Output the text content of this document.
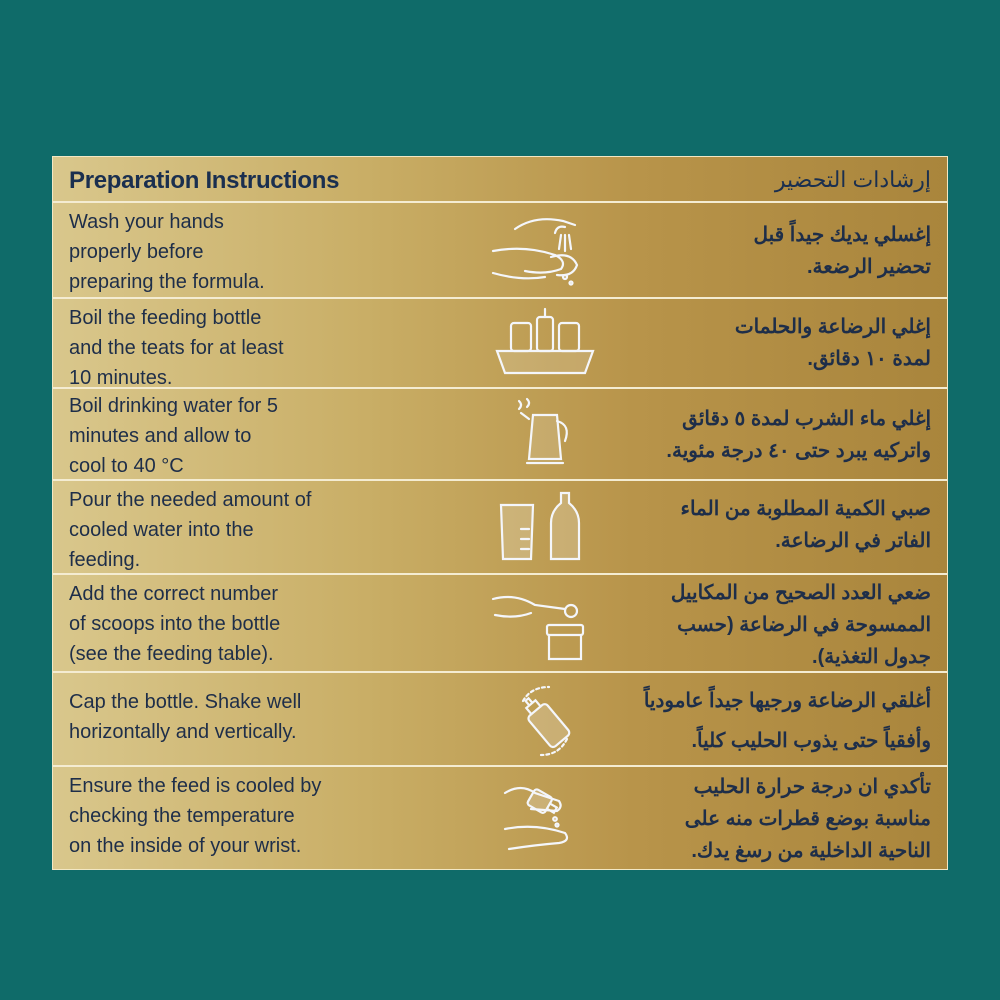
Preparation Instructions	إرشادات التحضير
Wash your hands
properly before
preparing the formula.
إغسلي يديك جيداً قبل
تحضير الرضعة.
Boil the feeding bottle
and the teats for at least
10 minutes.
إغلي الرضاعة والحلمات
لمدة ١٠ دقائق.
Boil drinking water for 5
minutes and allow to
cool to 40 °C
إغلي ماء الشرب لمدة ٥ دقائق
واتركيه يبرد حتى ٤٠ درجة مئوية.
Pour the needed amount of
cooled water into the
feeding.
صبي الكمية المطلوبة من الماء
الفاتر في الرضاعة.
Add the correct number
of scoops into the bottle
(see the feeding table).
ضعي العدد الصحيح من المكاييل
الممسوحة في الرضاعة (حسب
جدول التغذية).
Cap the bottle. Shake well
horizontally and vertically.
أغلقي الرضاعة ورجيها جيداً عامودياً
وأفقياً حتى يذوب الحليب كلياً.
Ensure the feed is cooled by
checking the temperature
on the inside of your wrist.
تأكدي ان درجة حرارة الحليب
مناسبة بوضع قطرات منه على
الناحية الداخلية من رسغ يدك.
